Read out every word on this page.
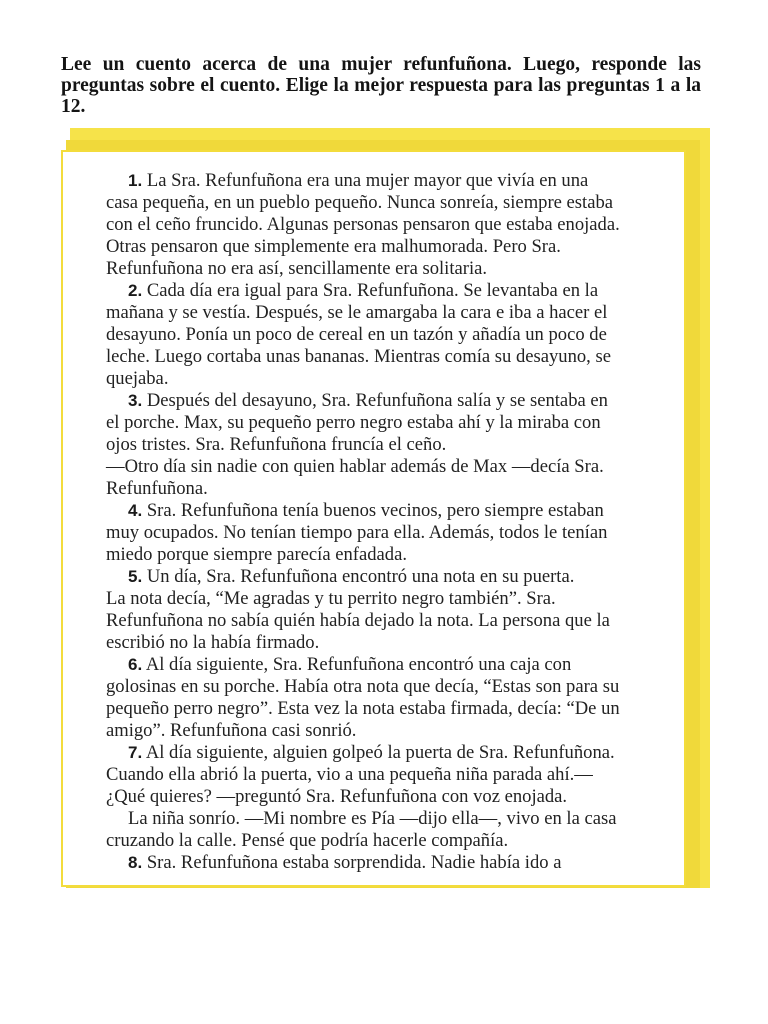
Lee un cuento acerca de una mujer refunfuñona. Luego, responde las preguntas sobre el cuento. Elige la mejor respuesta para las preguntas 1 a la 12.

1. La Sra. Refunfuñona era una mujer mayor que vivía en una
casa pequeña, en un pueblo pequeño. Nunca sonreía, siempre estaba
con el ceño fruncido. Algunas personas pensaron que estaba enojada.
Otras pensaron que simplemente era malhumorada. Pero Sra.
Refunfuñona no era así, sencillamente era solitaria.

2. Cada día era igual para Sra. Refunfuñona. Se levantaba en la
mañana y se vestía. Después, se le amargaba la cara e iba a hacer el
desayuno. Ponía un poco de cereal en un tazón y añadía un poco de
leche. Luego cortaba unas bananas. Mientras comía su desayuno, se
quejaba.

3. Después del desayuno, Sra. Refunfuñona salía y se sentaba en
el porche. Max, su pequeño perro negro estaba ahí y la miraba con
ojos tristes. Sra. Refunfuñona fruncía el ceño.
—Otro día sin nadie con quien hablar además de Max —decía Sra.
Refunfuñona.

4. Sra. Refunfuñona tenía buenos vecinos, pero siempre estaban
muy ocupados. No tenían tiempo para ella. Además, todos le tenían
miedo porque siempre parecía enfadada.

5. Un día, Sra. Refunfuñona encontró una nota en su puerta.
La nota decía, “Me agradas y tu perrito negro también”. Sra.
Refunfuñona no sabía quién había dejado la nota. La persona que la
escribió no la había firmado.

6. Al día siguiente, Sra. Refunfuñona encontró una caja con
golosinas en su porche. Había otra nota que decía, “Estas son para su
pequeño perro negro”. Esta vez la nota estaba firmada, decía: “De un
amigo”. Refunfuñona casi sonrió.

7. Al día siguiente, alguien golpeó la puerta de Sra. Refunfuñona.
Cuando ella abrió la puerta, vio a una pequeña niña parada ahí.—
¿Qué quieres? —preguntó Sra. Refunfuñona con voz enojada.

La niña sonrío. —Mi nombre es Pía —dijo ella—, vivo en la casa
cruzando la calle. Pensé que podría hacerle compañía.

8. Sra. Refunfuñona estaba sorprendida. Nadie había ido a
